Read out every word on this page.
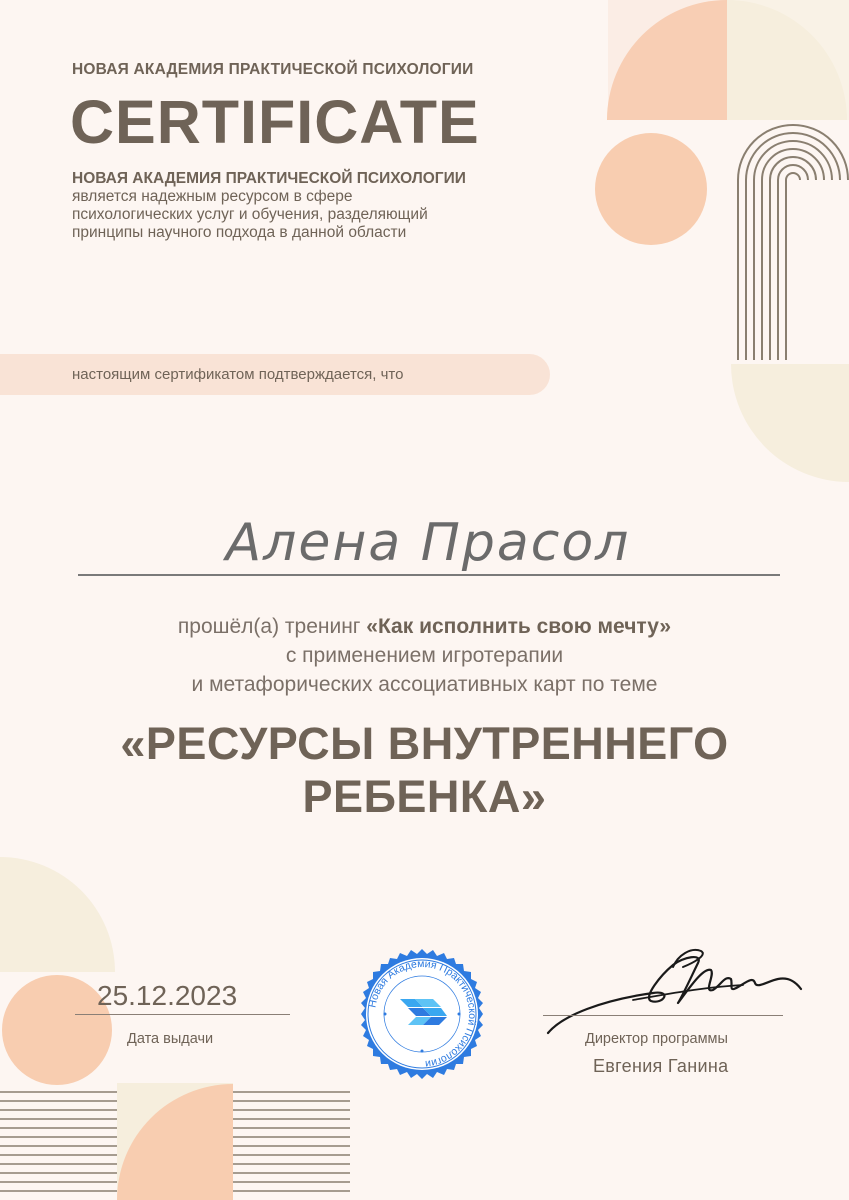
НОВАЯ АКАДЕМИЯ ПРАКТИЧЕСКОЙ ПСИХОЛОГИИ
CERTIFICATE
НОВАЯ АКАДЕМИЯ ПРАКТИЧЕСКОЙ ПСИХОЛОГИИ
является надежным ресурсом в сфере
психологических услуг и обучения, разделяющий
принципы научного подхода в данной области
настоящим сертификатом подтверждается, что
Алена Прасол
прошёл(а) тренинг «Как исполнить свою мечту»
с применением игротерапии
и метафорических ассоциативных карт по теме
«РЕСУРСЫ ВНУТРЕННЕГО
РЕБЕНКА»
25.12.2023
Дата выдачи
Новая Академия Практической Психологии
Директор программы
Евгения Ганина
